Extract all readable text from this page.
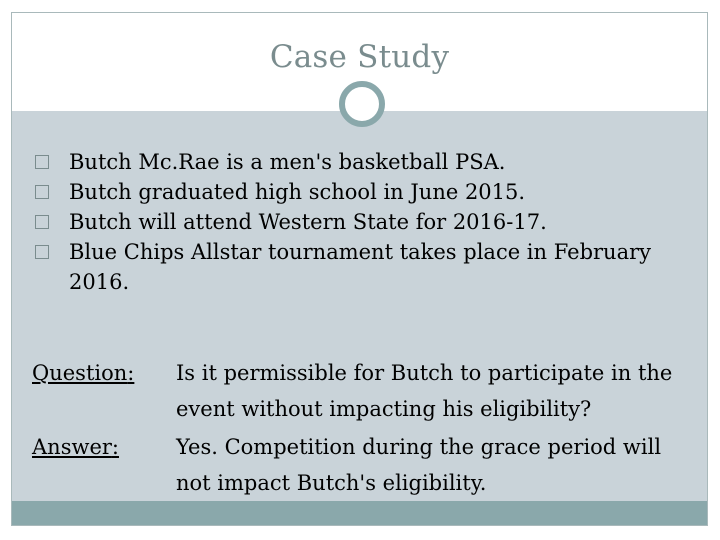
Case Study
Butch Mc.Rae is a men's basketball PSA.
Butch graduated high school in June 2015.
Butch will attend Western State for 2016-17.
Blue Chips Allstar tournament takes place in February 2016.
Question: Is it permissible for Butch to participate in the event without impacting his eligibility?
Answer:	Yes. Competition during the grace period will not impact Butch's eligibility.
